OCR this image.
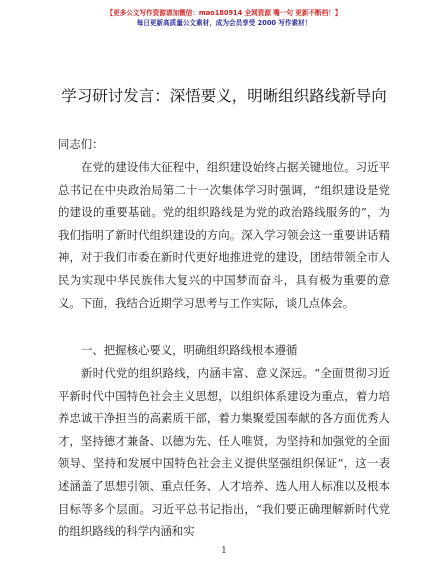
【更多公文写作资源请加微信：mao180914 全网资源 嘴一句 更新不断档！】
每日更新高质量公文素材，成为会员享受 2000 写作素材！
学习研讨发言：深悟要义，明晰组织路线新导向
同志们：
在党的建设伟大征程中，组织建设始终占据关键地位。习近平总书记在中央政治局第二十一次集体学习时强调，“组织建设是党的建设的重要基础。党的组织路线是为党的政治路线服务的”，为我们指明了新时代组织建设的方向。深入学习领会这一重要讲话精神，对于我们市委在新时代更好地推进党的建设，团结带领全市人民为实现中华民族伟大复兴的中国梦而奋斗，具有极为重要的意义。下面，我结合近期学习思考与工作实际，谈几点体会。
一、把握核心要义，明确组织路线根本遵循
新时代党的组织路线，内涵丰富、意义深远。“全面贯彻习近平新时代中国特色社会主义思想，以组织体系建设为重点，着力培养忠诚干净担当的高素质干部，着力集聚爱国奉献的各方面优秀人才，坚持德才兼备、以德为先、任人唯贤，为坚持和加强党的全面领导、坚持和发展中国特色社会主义提供坚强组织保证”，这一表述涵盖了思想引领、重点任务、人才培养、选人用人标准以及根本目标等多个层面。习近平总书记指出，“我们要正确理解新时代党的组织路线的科学内涵和实
1
